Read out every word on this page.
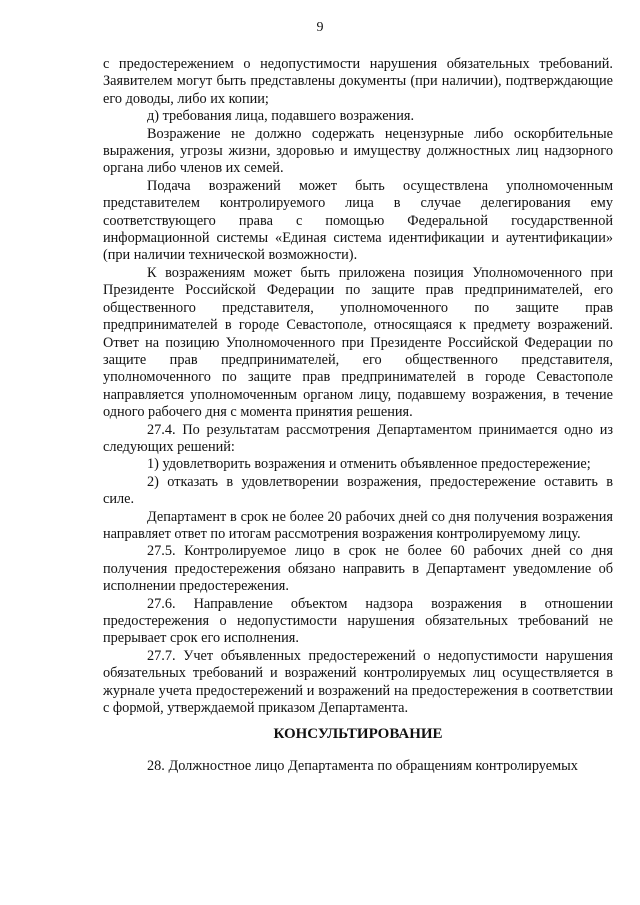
9

с предостережением о недопустимости нарушения обязательных требований. Заявителем могут быть представлены документы (при наличии), подтверждающие его доводы, либо их копии;

д) требования лица, подавшего возражения.

Возражение не должно содержать нецензурные либо оскорбительные выражения, угрозы жизни, здоровью и имуществу должностных лиц надзорного органа либо членов их семей.

Подача возражений может быть осуществлена уполномоченным представителем контролируемого лица в случае делегирования ему соответствующего права с помощью Федеральной государственной информационной системы «Единая система идентификации и аутентификации» (при наличии технической возможности).

К возражениям может быть приложена позиция Уполномоченного при Президенте Российской Федерации по защите прав предпринимателей, его общественного представителя, уполномоченного по защите прав предпринимателей в городе Севастополе, относящаяся к предмету возражений. Ответ на позицию Уполномоченного при Президенте Российской Федерации по защите прав предпринимателей, его общественного представителя, уполномоченного по защите прав предпринимателей в городе Севастополе направляется уполномоченным органом лицу, подавшему возражения, в течение одного рабочего дня с момента принятия решения.

27.4. По результатам рассмотрения Департаментом принимается одно из следующих решений:

1) удовлетворить возражения и отменить объявленное предостережение;

2) отказать в удовлетворении возражения, предостережение оставить в силе.

Департамент в срок не более 20 рабочих дней со дня получения возражения направляет ответ по итогам рассмотрения возражения контролируемому лицу.

27.5. Контролируемое лицо в срок не более 60 рабочих дней со дня получения предостережения обязано направить в Департамент уведомление об исполнении предостережения.

27.6. Направление объектом надзора возражения в отношении предостережения о недопустимости нарушения обязательных требований не прерывает срок его исполнения.

27.7. Учет объявленных предостережений о недопустимости нарушения обязательных требований и возражений контролируемых лиц осуществляется в журнале учета предостережений и возражений на предостережения в соответствии с формой, утверждаемой приказом Департамента.

КОНСУЛЬТИРОВАНИЕ

28. Должностное лицо Департамента по обращениям контролируемых
